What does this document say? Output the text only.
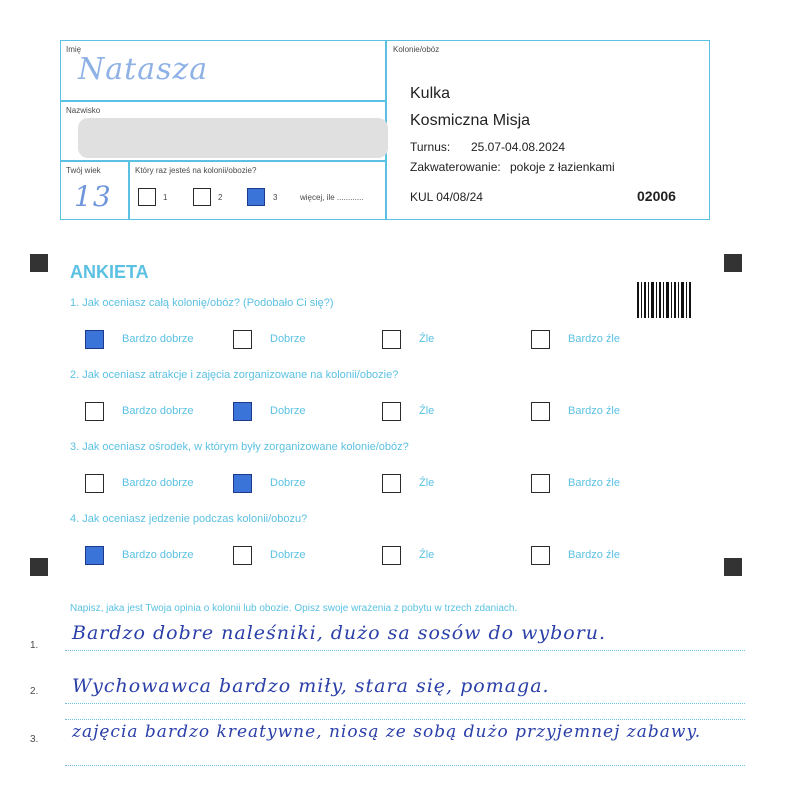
Imię
Natasza
Nazwisko
Twój wiek
13
Który raz jesteś na kolonii/obozie?
1	2	3	więcej, ile ............
Kolonie/obóz
Kulka
Kosmiczna Misja
Turnus: 25.07-04.08.2024
Zakwaterowanie: pokoje z łazienkami
KUL 04/08/24	02006
ANKIETA
1. Jak oceniasz całą kolonię/obóz? (Podobało Ci się?)
Bardzo dobrze	Dobrze	Źle	Bardzo źle
2. Jak oceniasz atrakcje i zajęcia zorganizowane na kolonii/obozie?
Bardzo dobrze	Dobrze	Źle	Bardzo źle
3. Jak oceniasz ośrodek, w którym były zorganizowane kolonie/obóz?
Bardzo dobrze	Dobrze	Źle	Bardzo źle
4. Jak oceniasz jedzenie podczas kolonii/obozu?
Bardzo dobrze	Dobrze	Źle	Bardzo źle
Napisz, jaka jest Twoja opinia o kolonii lub obozie. Opisz swoje wrażenia z pobytu w trzech zdaniach.
1.
Bardzo dobre naleśniki, dużo sa sosów do wyboru.
2. Wychowawca bardzo miły, stara się, pomaga.
3. zajęcia bardzo kreatywne, niosą ze sobą dużo przyjemnej zabawy.
